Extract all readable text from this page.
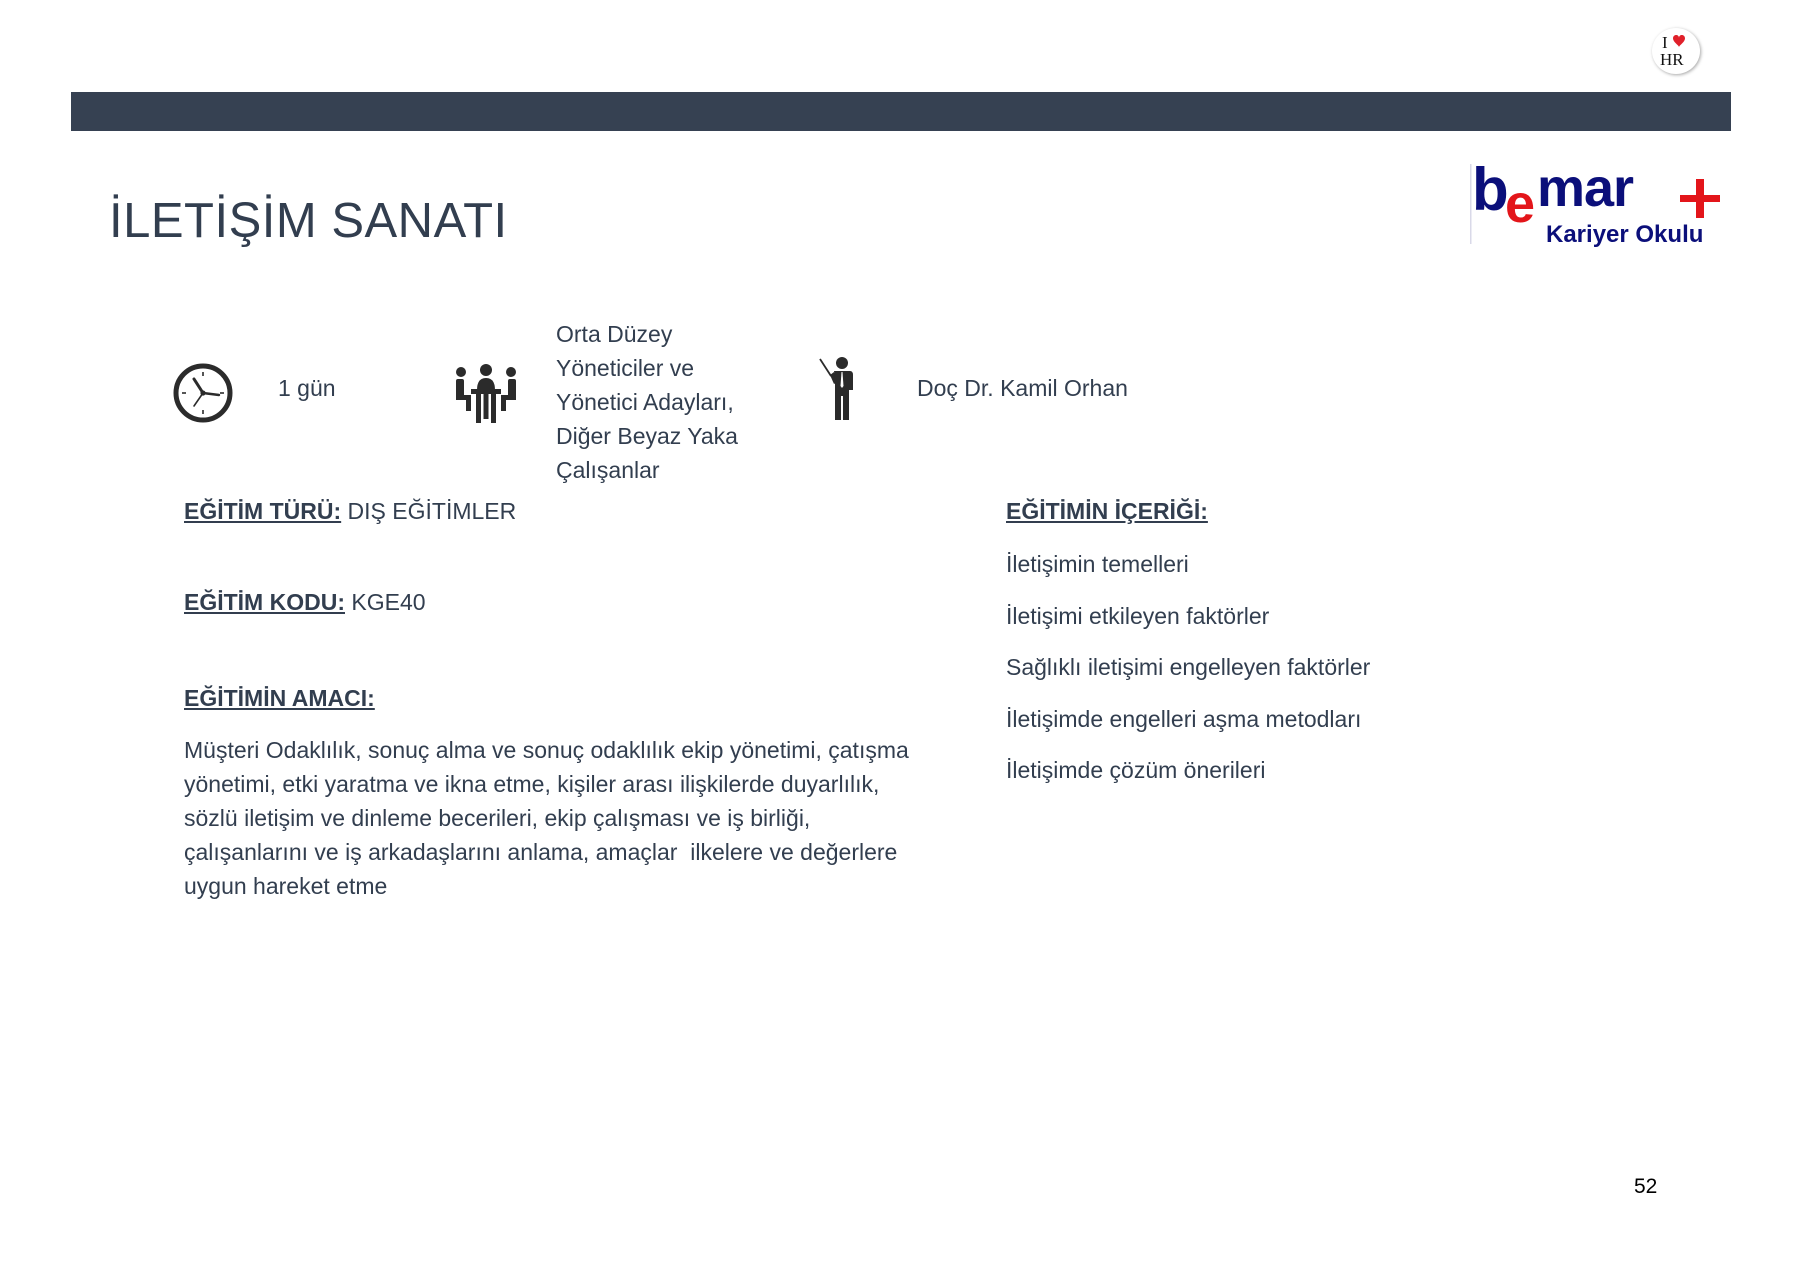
I
HR
b
e mar
Kariyer Okulu
İLETİŞİM SANATI
1 gün
Orta Düzey
Yöneticiler ve
Yönetici Adayları,
Diğer Beyaz Yaka
Çalışanlar
Doç Dr. Kamil Orhan
EĞİTİM TÜRÜ: DIŞ EĞİTİMLER
EĞİTİM KODU: KGE40
EĞİTİMİN AMACI:
Müşteri Odaklılık, sonuç alma ve sonuç odaklılık ekip yönetimi, çatışma
yönetimi, etki yaratma ve ikna etme, kişiler arası ilişkilerde duyarlılık,
sözlü iletişim ve dinleme becerileri, ekip çalışması ve iş birliği,
çalışanlarını ve iş arkadaşlarını anlama, amaçlar  ilkelere ve değerlere
uygun hareket etme
EĞİTİMİN İÇERİĞİ:
İletişimin temelleri
İletişimi etkileyen faktörler
Sağlıklı iletişimi engelleyen faktörler
İletişimde engelleri aşma metodları
İletişimde çözüm önerileri
52
